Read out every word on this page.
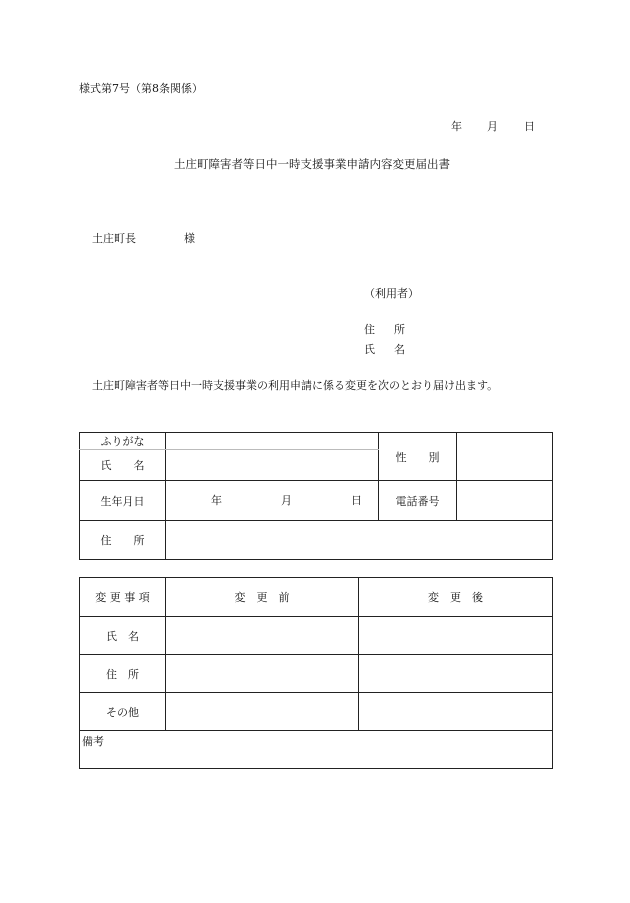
様式第7号（第8条関係）
年 月 日
土庄町障害者等日中一時支援事業申請内容変更届出書
土庄町長	様
（利用者）
住　所
氏　名
土庄町障害者等日中一時支援事業の利用申請に係る変更を次のとおり届け出ます。
ふりがな		性　　別	
氏　　名			
生年月日	年 月 日	電話番号	
住　　所			
変 更 事 項	変　更　前	変　更　後
氏　名		
住　所		
その他		
備考		
